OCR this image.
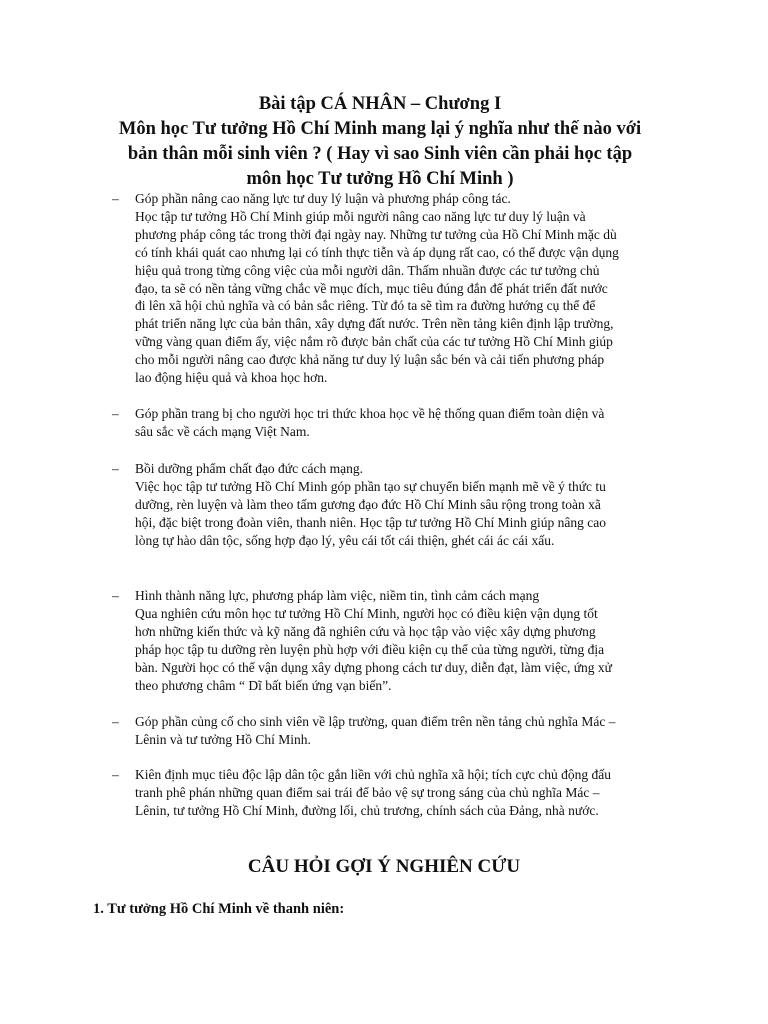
Bài tập CÁ NHÂN – Chương I
Môn học Tư tưởng Hồ Chí Minh mang lại ý nghĩa như thế nào với
bản thân mỗi sinh viên ? ( Hay vì sao Sinh viên cần phải học tập
môn học Tư tưởng Hồ Chí Minh )
– Góp phần nâng cao năng lực tư duy lý luận và phương pháp công tác.
Học tập tư tưởng Hồ Chí Minh giúp mỗi người nâng cao năng lực tư duy lý luận và
phương pháp công tác trong thời đại ngày nay. Những tư tưởng của Hồ Chí Minh mặc dù
có tính khái quát cao nhưng lại có tính thực tiễn và áp dụng rất cao, có thể được vận dụng
hiệu quả trong từng công việc của mỗi người dân. Thấm nhuần được các tư tưởng chủ
đạo, ta sẽ có nền tảng vững chắc về mục đích, mục tiêu đúng đắn để phát triển đất nước
đi lên xã hội chủ nghĩa và có bản sắc riêng. Từ đó ta sẽ tìm ra đường hướng cụ thể để
phát triển năng lực của bản thân, xây dựng đất nước. Trên nền tảng kiên định lập trường,
vững vàng quan điểm ấy, việc nắm rõ được bản chất của các tư tưởng Hồ Chí Minh giúp
cho mỗi người nâng cao được khả năng tư duy lý luận sắc bén và cải tiến phương pháp
lao động hiệu quả và khoa học hơn.
– Góp phần trang bị cho người học tri thức khoa học về hệ thống quan điểm toàn diện và
sâu sắc về cách mạng Việt Nam.
– Bồi dưỡng phẩm chất đạo đức cách mạng.
Việc học tập tư tưởng Hồ Chí Minh góp phần tạo sự chuyển biến mạnh mẽ về ý thức tu
dưỡng, rèn luyện và làm theo tấm gương đạo đức Hồ Chí Minh sâu rộng trong toàn xã
hội, đặc biệt trong đoàn viên, thanh niên. Học tập tư tưởng Hồ Chí Minh giúp nâng cao
lòng tự hào dân tộc, sống hợp đạo lý, yêu cái tốt cái thiện, ghét cái ác cái xấu.
– Hình thành năng lực, phương pháp làm việc, niềm tin, tình cảm cách mạng
Qua nghiên cứu môn học tư tưởng Hồ Chí Minh, người học có điều kiện vận dụng tốt
hơn những kiến thức và kỹ năng đã nghiên cứu và học tập vào việc xây dựng phương
pháp học tập tu dưỡng rèn luyện phù hợp với điều kiện cụ thể của từng người, từng địa
bàn. Người học có thể vận dụng xây dựng phong cách tư duy, diễn đạt, làm việc, ứng xử
theo phương châm “ Dĩ bất biến ứng vạn biến”.
– Góp phần củng cố cho sinh viên về lập trường, quan điểm trên nền tảng chủ nghĩa Mác –
Lênin và tư tưởng Hồ Chí Minh.
– Kiên định mục tiêu độc lập dân tộc gắn liền với chủ nghĩa xã hội; tích cực chủ động đấu
tranh phê phán những quan điểm sai trái để bảo vệ sự trong sáng của chủ nghĩa Mác –
Lênin, tư tưởng Hồ Chí Minh, đường lối, chủ trương, chính sách của Đảng, nhà nước.
CÂU HỎI GỢI Ý NGHIÊN CỨU
1. Tư tưởng Hồ Chí Minh về thanh niên:
